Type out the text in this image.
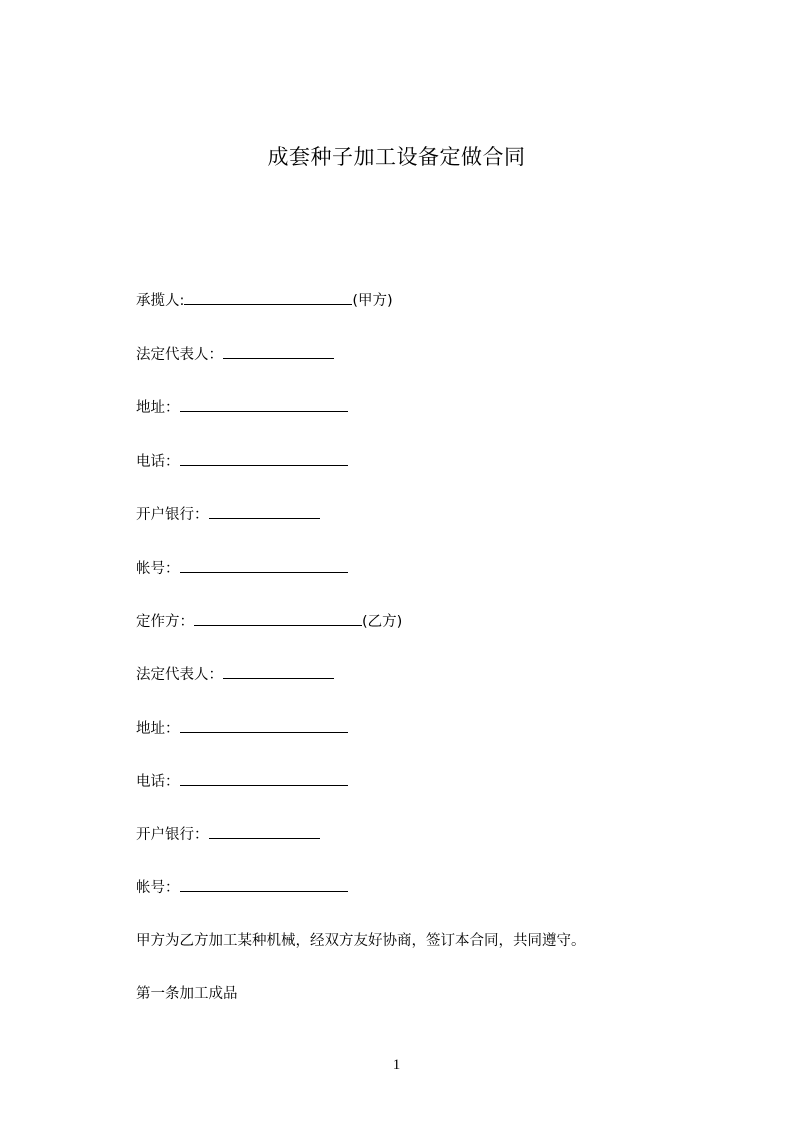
成套种子加工设备定做合同
承揽人:	(甲方)
法定代表人：
地址：
电话：
开户银行：
帐号：
定作方：	(乙方)
法定代表人：
地址：
电话：
开户银行：
帐号：
甲方为乙方加工某种机械，经双方友好协商，签订本合同，共同遵守。
第一条加工成品
1
